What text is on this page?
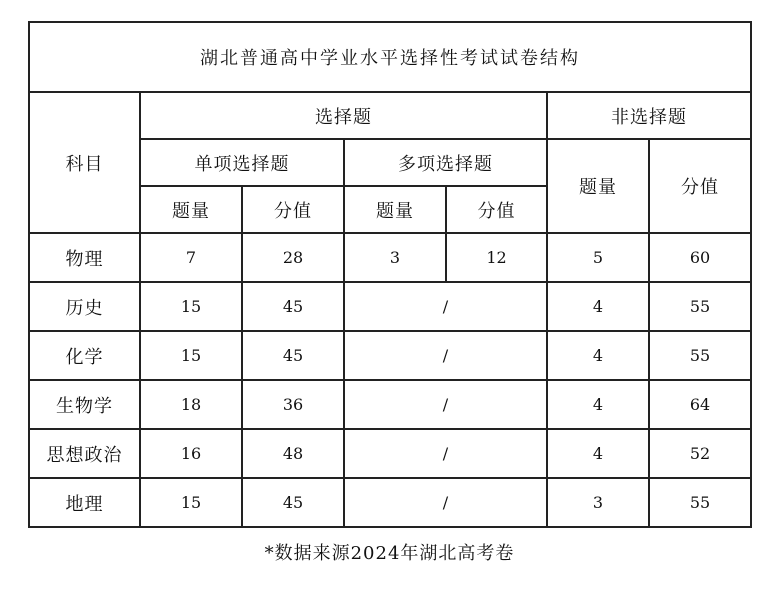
湖北普通高中学业水平选择性考试试卷结构						
科目	选择题				非选择题	
	单项选择题		多项选择题		题量	分值
	题量	分值	题量	分值		
物理	7	28	3	12	5	60
历史	15	45	/		4	55
化学	15	45	/		4	55
生物学	18	36	/		4	64
思想政治	16	48	/		4	52
地理	15	45	/		3	55
*数据来源2024年湖北高考卷
